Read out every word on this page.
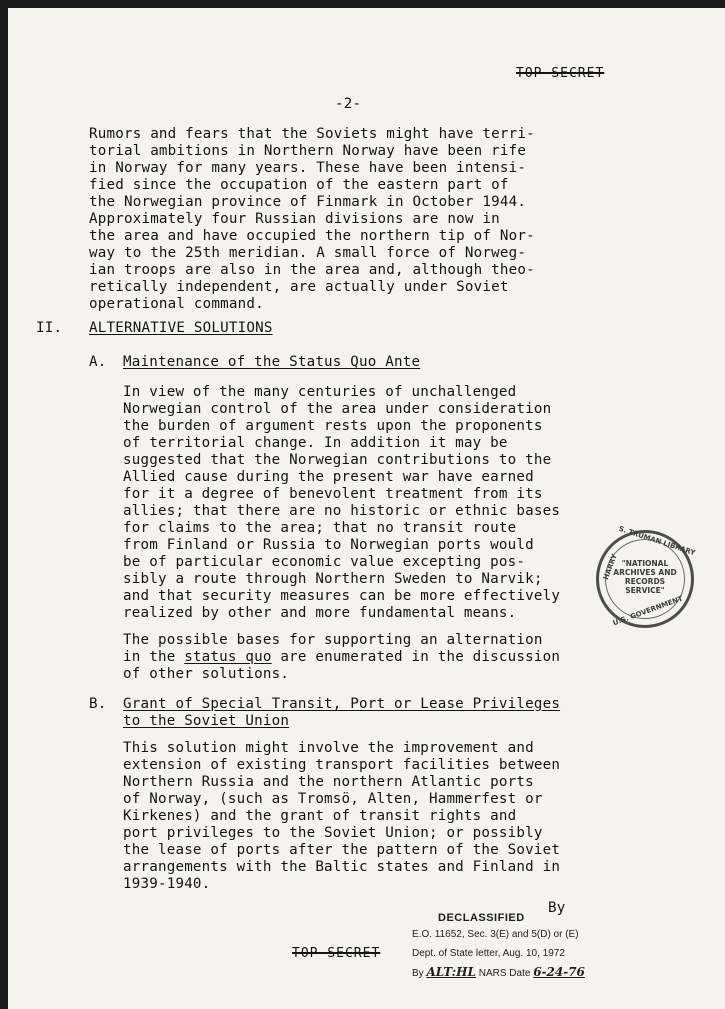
TOP SECRET
-2-
Rumors and fears that the Soviets might have terri-
torial ambitions in Northern Norway have been rife
in Norway for many years. These have been intensi-
fied since the occupation of the eastern part of
the Norwegian province of Finmark in October 1944.
Approximately four Russian divisions are now in
the area and have occupied the northern tip of Nor-
way to the 25th meridian. A small force of Norweg-
ian troops are also in the area and, although theo-
retically independent, are actually under Soviet
operational command.
II. ALTERNATIVE SOLUTIONS
A. Maintenance of the Status Quo Ante
In view of the many centuries of unchallenged
Norwegian control of the area under consideration
the burden of argument rests upon the proponents
of territorial change. In addition it may be
suggested that the Norwegian contributions to the
Allied cause during the present war have earned
for it a degree of benevolent treatment from its
allies; that there are no historic or ethnic bases
for claims to the area; that no transit route
from Finland or Russia to Norwegian ports would
be of particular economic value excepting pos-
sibly a route through Northern Sweden to Narvik;
and that security measures can be more effectively
realized by other and more fundamental means.
The possible bases for supporting an alternation
in the status quo are enumerated in the discussion
of other solutions.
B. Grant of Special Transit, Port or Lease Privileges
to the Soviet Union
This solution might involve the improvement and
extension of existing transport facilities between
Northern Russia and the northern Atlantic ports
of Norway, (such as Tromsö, Alten, Hammerfest or
Kirkenes) and the grant of transit rights and
port privileges to the Soviet Union; or possibly
the lease of ports after the pattern of the Soviet
arrangements with the Baltic states and Finland in
1939-1940.
By
TOP SECRET
DECLASSIFIED
E.O. 11652, Sec. 3(E) and 5(D) or (E)
Dept. of State letter, Aug. 10, 1972
By ALT:HL NARS Date 6-24-76
S. TRUMAN LIBRARY
HARRY
U.S. GOVERNMENT
"NATIONAL
ARCHIVES AND
RECORDS
SERVICE"
